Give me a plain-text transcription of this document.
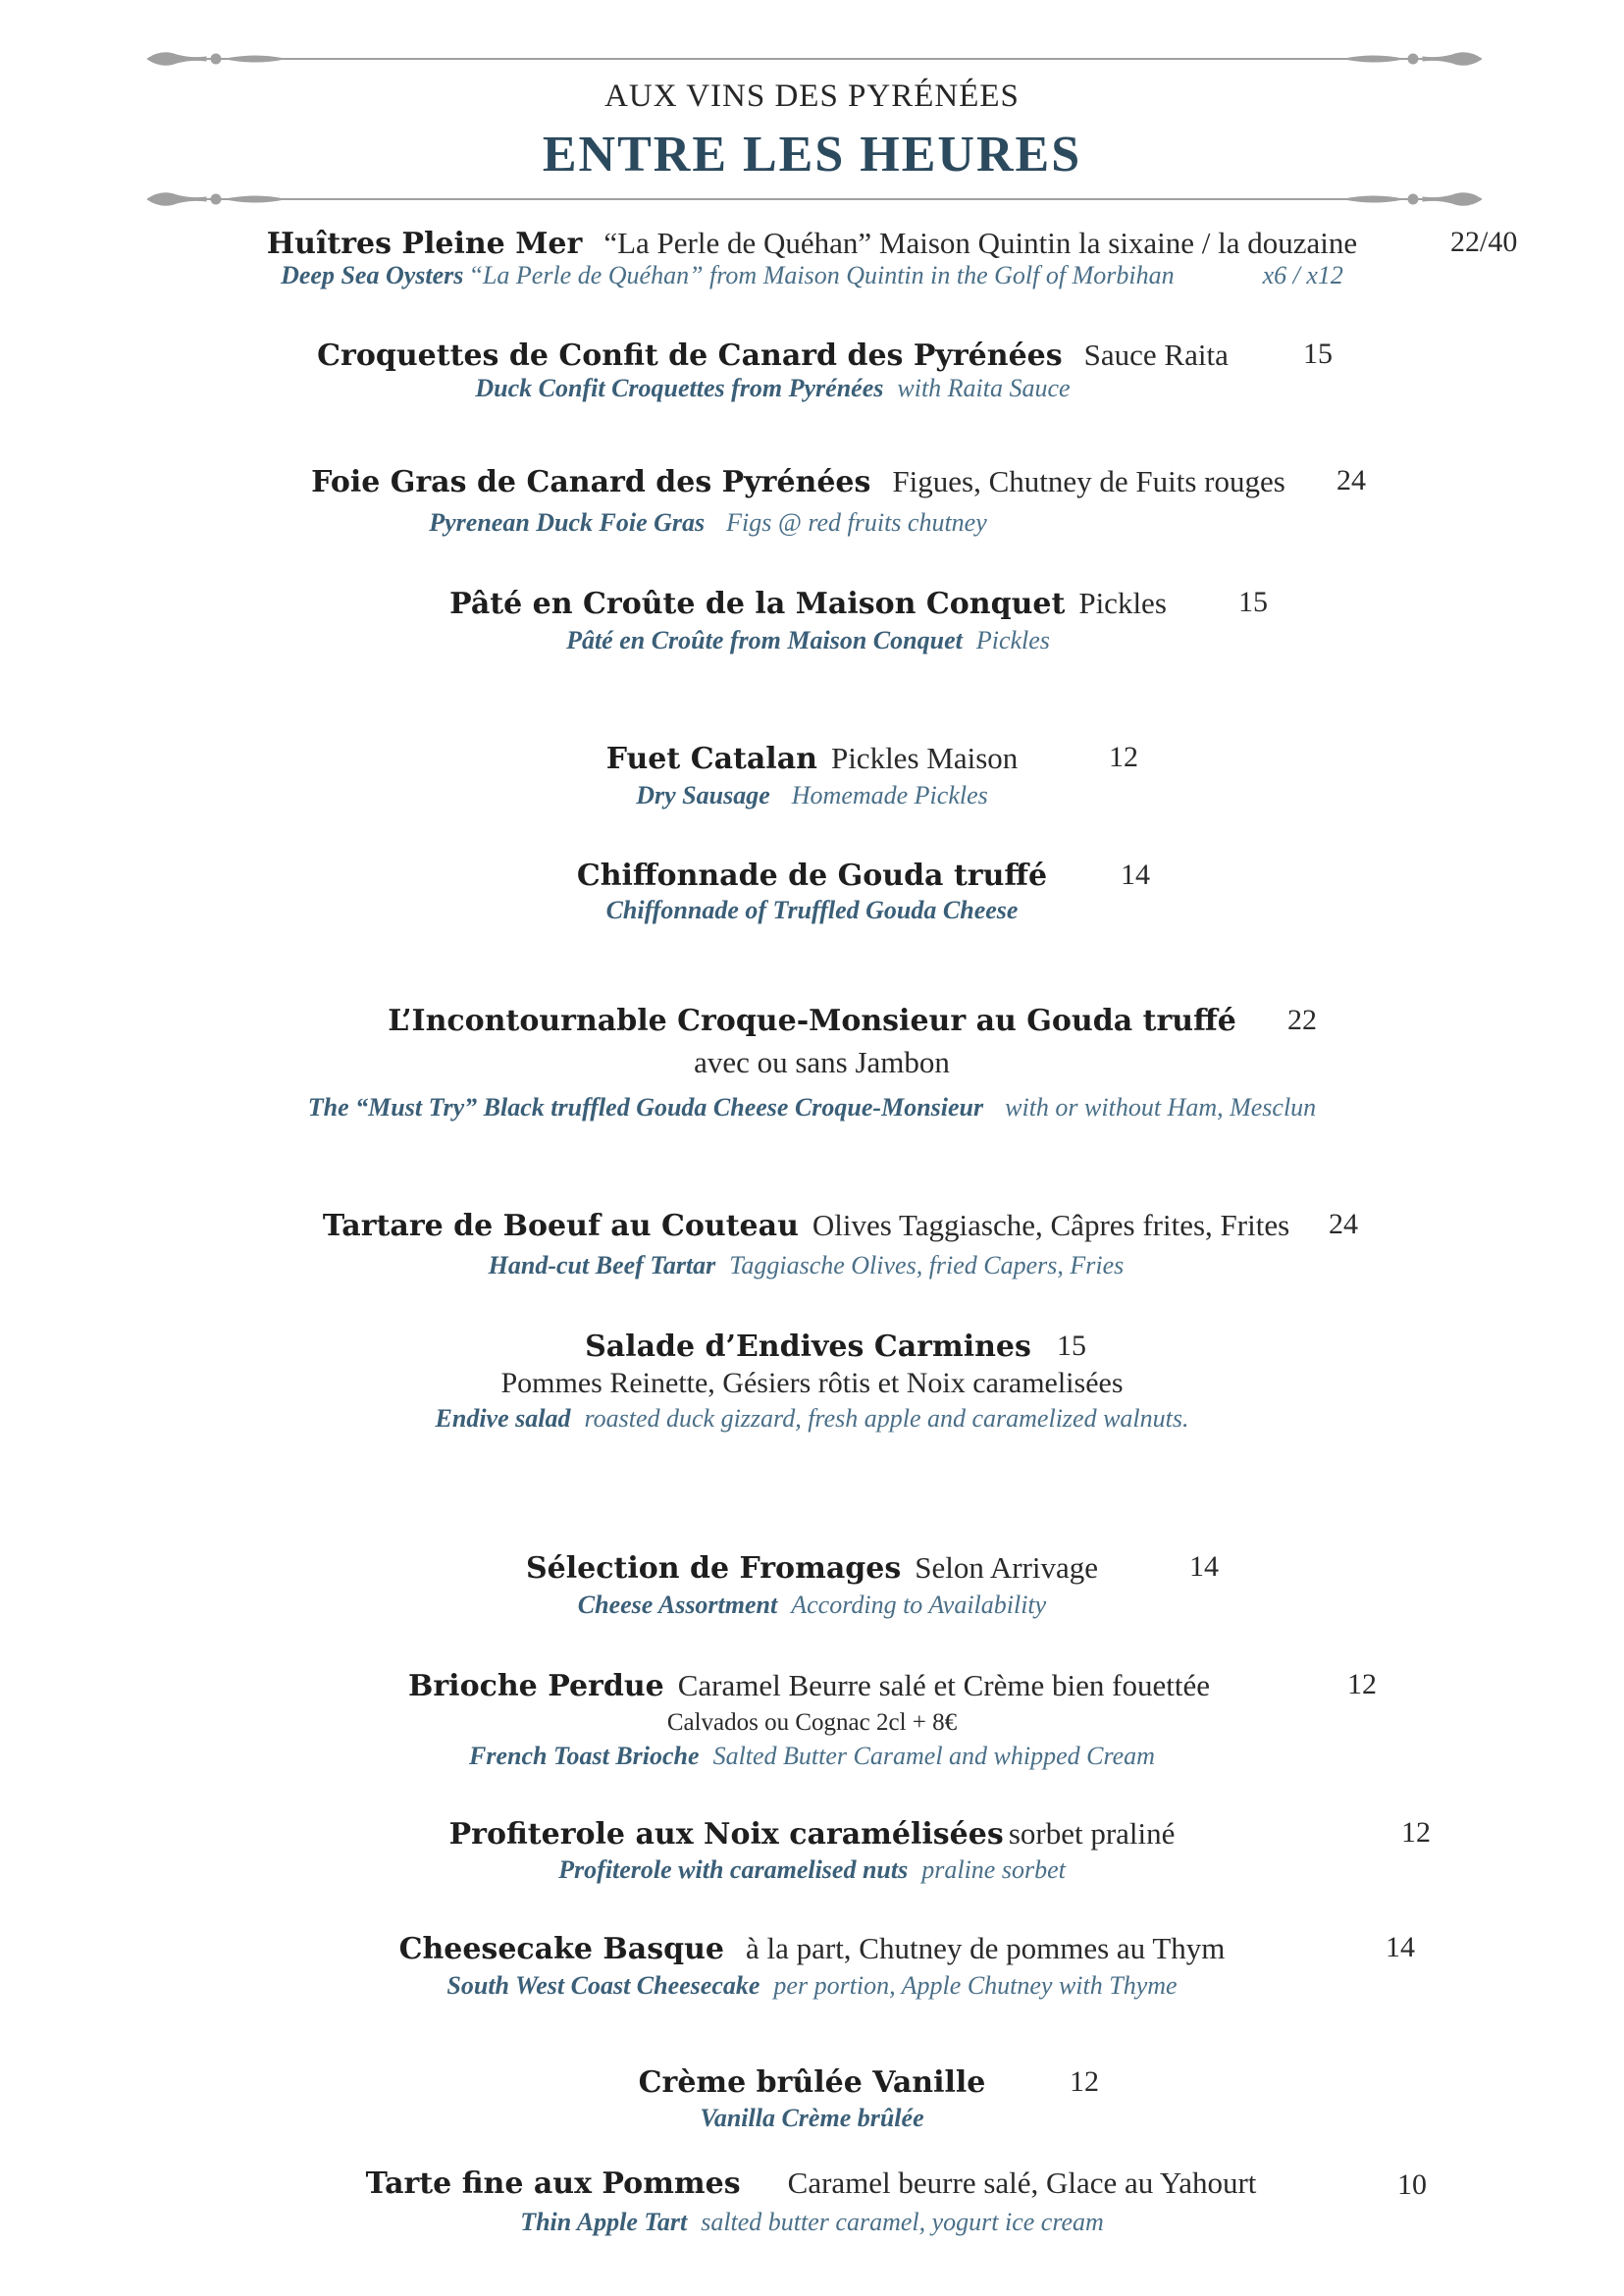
AUX VINS DES PYRÉNÉES
ENTRE LES HEURES
Huîtres Pleine Mer “La Perle de Quéhan” Maison Quintin la sixaine / la douzaine
Deep Sea Oysters “La Perle de Quéhan” from Maison Quintin in the Golf of Morbihan	x6 / x12
22/40
Croquettes de Confit de Canard des Pyrénées Sauce Raita
Duck Confit Croquettes from Pyrénées with Raita Sauce
15
Foie Gras de Canard des Pyrénées Figues, Chutney de Fuits rouges
Pyrenean Duck Foie Gras Figs @ red fruits chutney
24
Pâté en Croûte de la Maison Conquet Pickles
Pâté en Croûte from Maison Conquet Pickles
15
Fuet Catalan Pickles Maison
Dry Sausage Homemade Pickles
12
Chiffonnade de Gouda truffé
Chiffonnade of Truffled Gouda Cheese
14
L’Incontournable Croque-Monsieur au Gouda truffé
avec ou sans Jambon
The “Must Try” Black truffled Gouda Cheese Croque-Monsieur with or without Ham, Mesclun
22
Tartare de Boeuf au Couteau Olives Taggiasche, Câpres frites, Frites
Hand-cut Beef Tartar Taggiasche Olives, fried Capers, Fries
24
Salade d’Endives Carmines
Pommes Reinette, Gésiers rôtis et Noix caramelisées
Endive salad roasted duck gizzard, fresh apple and caramelized walnuts.
15
Sélection de Fromages Selon Arrivage
Cheese Assortment According to Availability
14
Brioche Perdue Caramel Beurre salé et Crème bien fouettée
Calvados ou Cognac 2cl + 8€
French Toast Brioche Salted Butter Caramel and whipped Cream
12
Profiterole aux Noix caramélisées sorbet praliné
Profiterole with caramelised nuts praline sorbet
12
Cheesecake Basque à la part, Chutney de pommes au Thym
South West Coast Cheesecake per portion, Apple Chutney with Thyme
14
Crème brûlée Vanille
Vanilla Crème brûlée
12
Tarte fine aux Pommes Caramel beurre salé, Glace au Yahourt
Thin Apple Tart salted butter caramel, yogurt ice cream
10
